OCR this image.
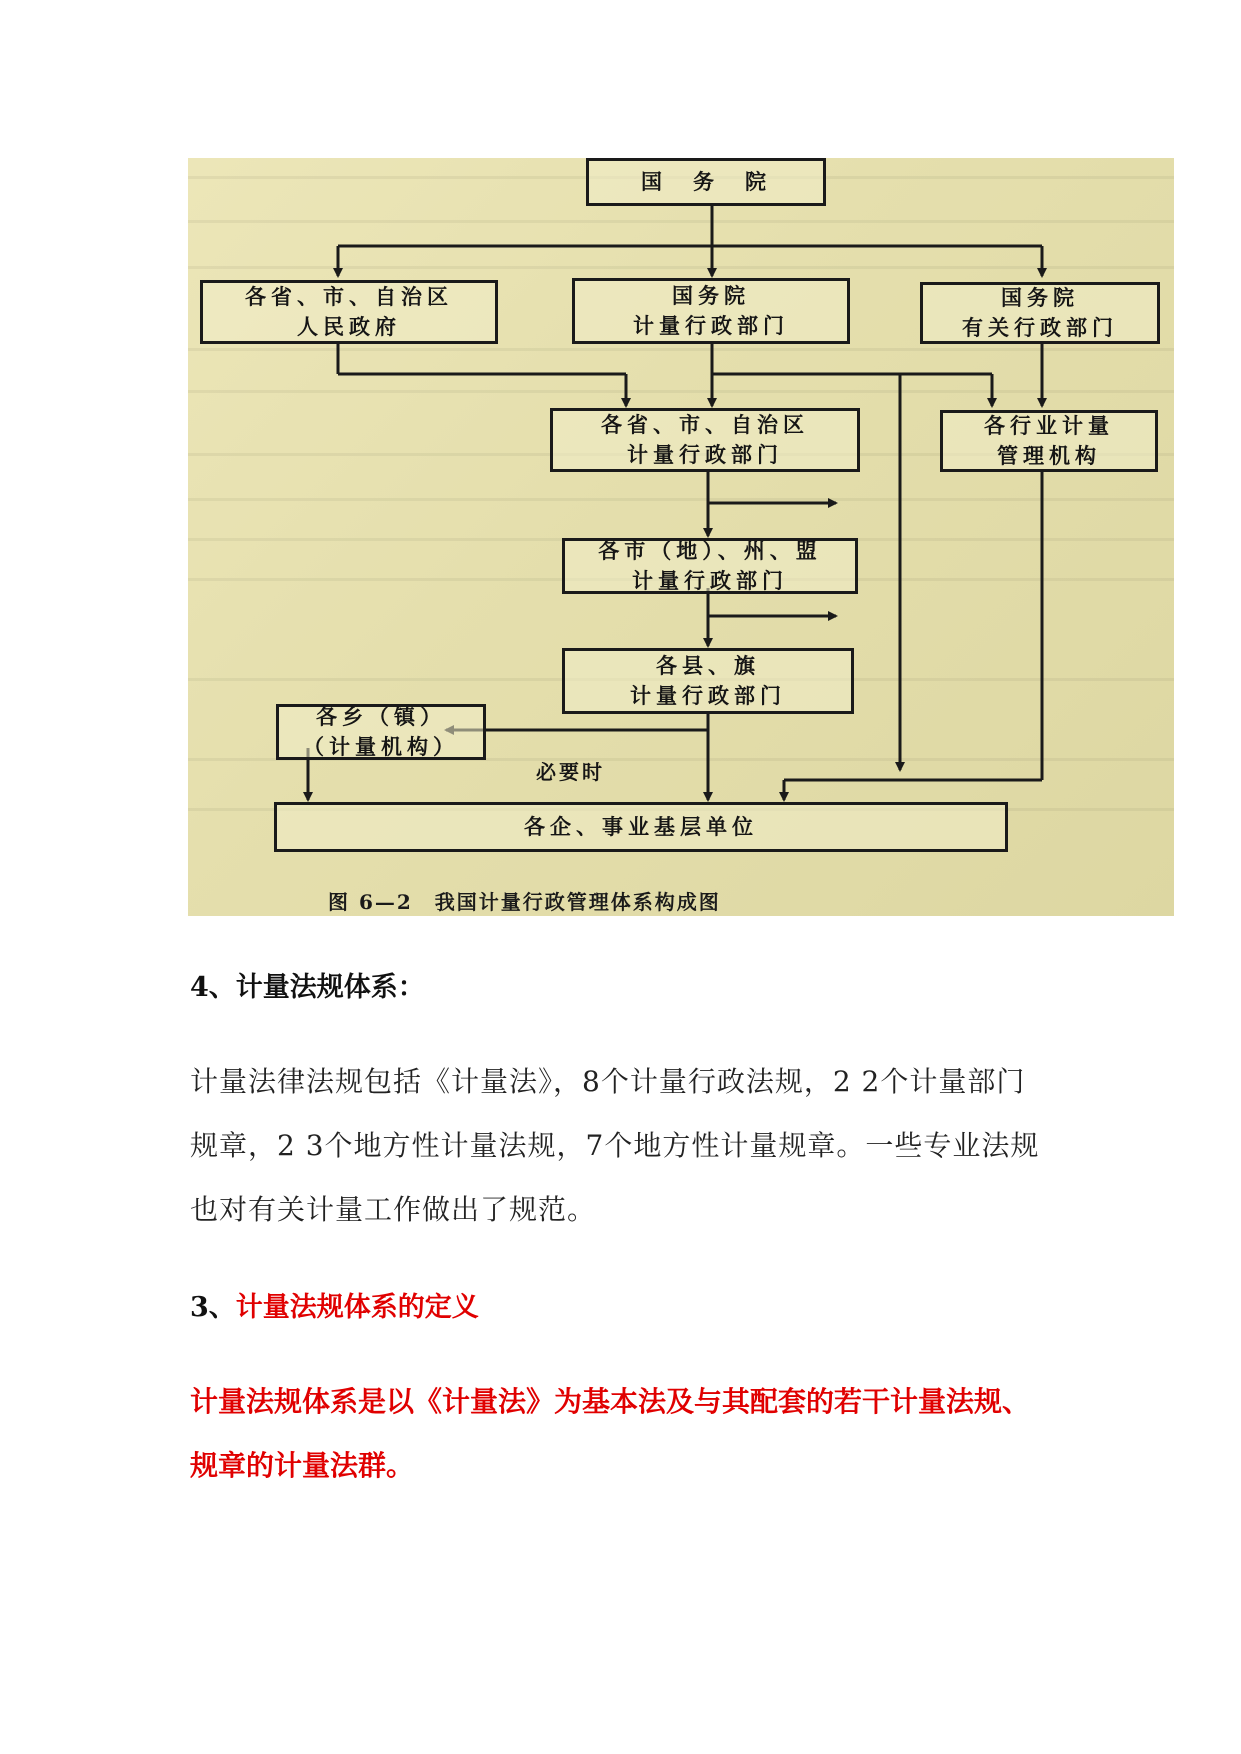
国　务　院
各省、市、自治区
人民政府
国务院
计量行政部门
国务院
有关行政部门
各省、市、自治区
计量行政部门
各行业计量
管理机构
各市（地）、州、盟
计量行政部门
各县、旗
计量行政部门
各乡（镇）
（计量机构）
各企、事业基层单位
必要时
图 6—2　我国计量行政管理体系构成图
4、计量法规体系：
计量法律法规包括《计量法》，8个计量行政法规，2 2个计量部门规章，2 3个地方性计量法规，7个地方性计量规章。一些专业法规也对有关计量工作做出了规范。
3、计量法规体系的定义
计量法规体系是以《计量法》为基本法及与其配套的若干计量法规、规章的计量法群。
